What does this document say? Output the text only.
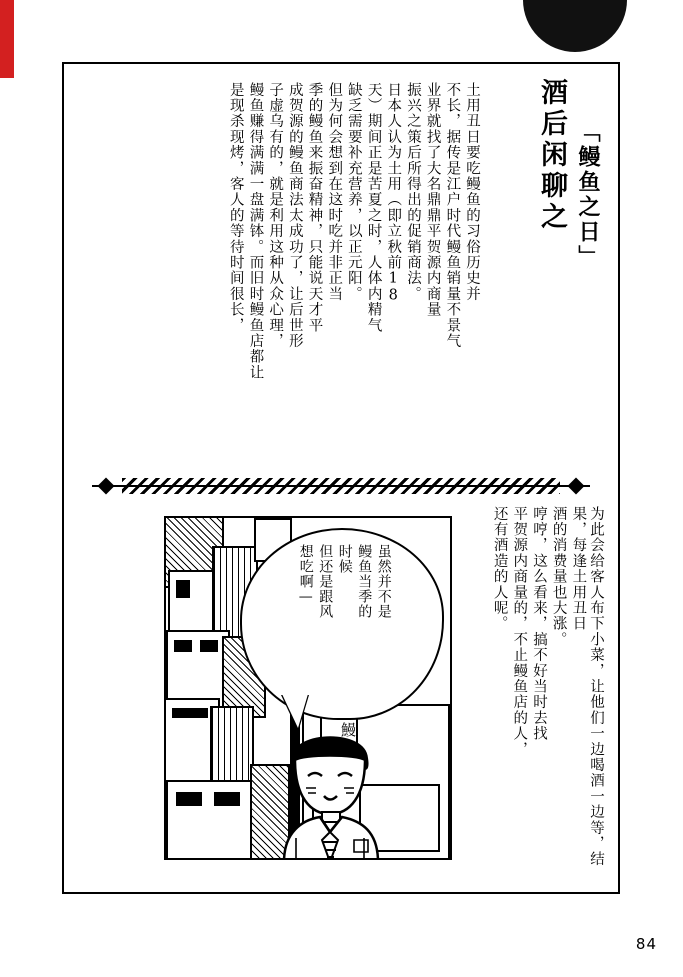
酒后闲聊之 「鳗鱼之日」
土用丑日要吃鳗鱼的习俗历史并
不长，据传是江户时代鳗鱼销量不景气
业界就找了大名鼎鼎平贺源内商量
振兴之策后所得出的促销商法。
日本人认为土用（即立秋前18
天）期间正是苦夏之时，人体内精气
缺乏需要补充营养，以正元阳。
但为何会想到在这时吃并非正当
季的鳗鱼来振奋精神，只能说天才平
成贺源的鳗鱼商法太成功了，让后世形
子虚乌有的，就是利用这种从众心理，
鳗鱼赚得满满一盘满钵。而旧时鳗鱼店都让
是现杀现烤，客人的等待时间很长，
为此会给客人布下小菜，让他们一边喝酒一边等，结果，每逢土用丑日
酒的消费量也大涨。
哼哼，这么看来，搞不好当时去找
平贺源内商量的，不止鳗鱼店的人，
还有酒造的人呢。
鰻
虽然并不是
鳗鱼当季的
时候
但还是跟风
想吃啊—
84
